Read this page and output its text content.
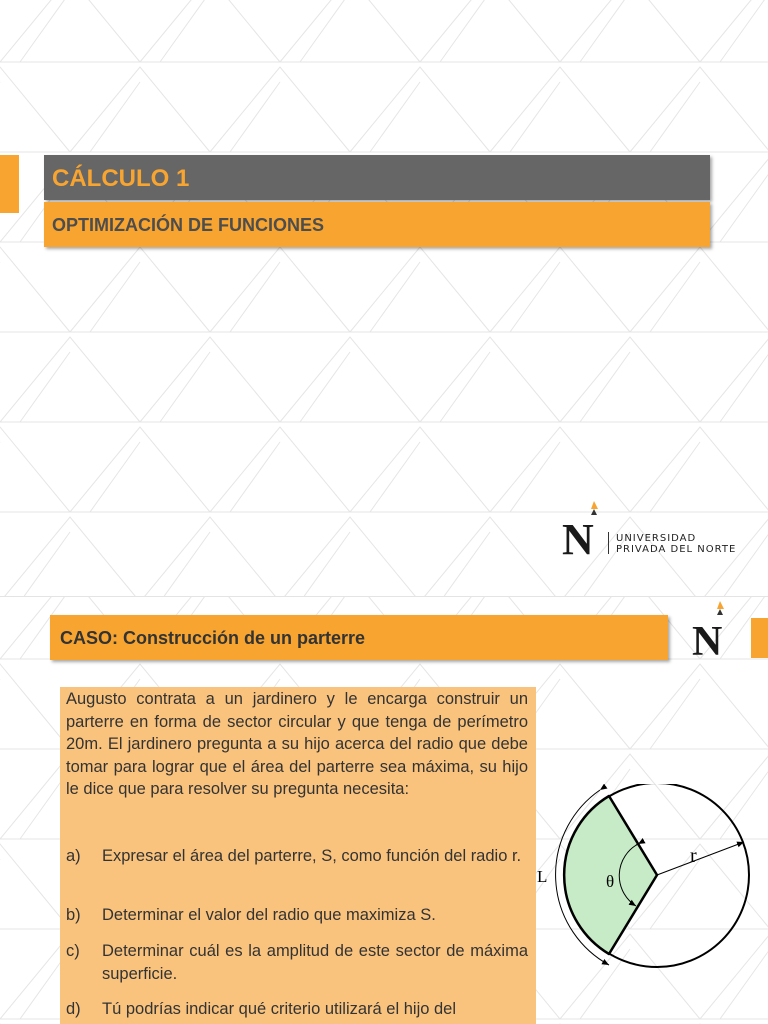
CÁLCULO 1
OPTIMIZACIÓN DE FUNCIONES
N UNIVERSIDAD

PRIVADA DEL NORTE

CASO: Construcción de un parterre	N

Augusto contrata a un jardinero y le encarga construir un parterre en forma de sector circular y que tenga de perímetro 20m. El jardinero pregunta a su hijo acerca del radio que debe tomar para lograr que el área del parterre sea máxima, su hijo le dice que para resolver su pregunta necesita:

a) Expresar el área del parterre, S, como función del radio r.

b) Determinar el valor del radio que maximiza S.

c) Determinar cuál es la amplitud de este sector de máxima superficie.

d) Tú podrías indicar qué criterio utilizará el hijo del

L	θ
r
